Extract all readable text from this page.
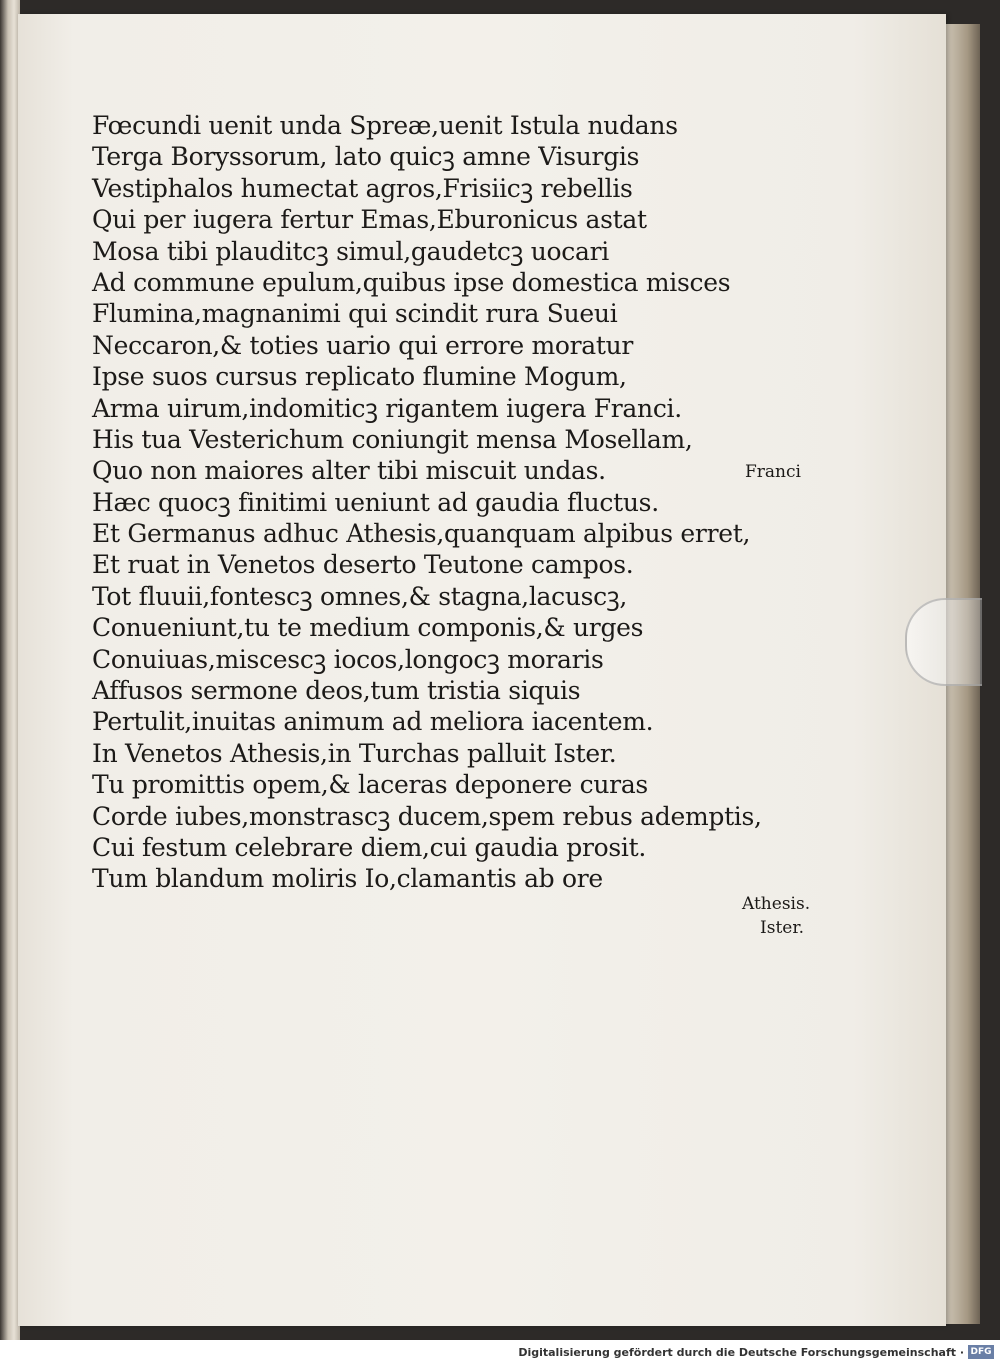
Fœcundi uenit unda Spreæ,uenit Istula nudans
Terga Boryssorum, lato quicꝫ amne Visurgis
Vestiphalos humectat agros,Frisiicꝫ rebellis
Qui per iugera fertur Emas,Eburonicus astat
Mosa tibi plauditcꝫ simul,gaudetcꝫ uocari
Ad commune epulum,quibus ipse domestica misces
Flumina,magnanimi qui scindit rura Sueui
Neccaron,& toties uario qui errore moratur
Ipse suos cursus replicato flumine Mogum,
Arma uirum,indomiticꝫ rigantem iugera Franci.
His tua Vesterichum coniungit mensa Mosellam,
Quo non maiores alter tibi miscuit undas.
Hæc quocꝫ finitimi ueniunt ad gaudia fluctus.
Et Germanus adhuc Athesis,quanquam alpibus erret,
Et ruat in Venetos deserto Teutone campos.
Tot fluuii,fontescꝫ omnes,& stagna,lacuscꝫ,
Conueniunt,tu te medium componis,& urges
Conuiuas,miscescꝫ iocos,longocꝫ moraris
Affusos sermone deos,tum tristia siquis
Pertulit,inuitas animum ad meliora iacentem.
In Venetos Athesis,in Turchas palluit Ister.
Tu promittis opem,& laceras deponere curas
Corde iubes,monstrascꝫ ducem,spem rebus ademptis,
Cui festum celebrare diem,cui gaudia prosit.
Tum blandum moliris Io,clamantis ab ore
Franci
Athesis.
Ister.
Digitalisierung gefördert durch die Deutsche Forschungsgemeinschaft · DFG
